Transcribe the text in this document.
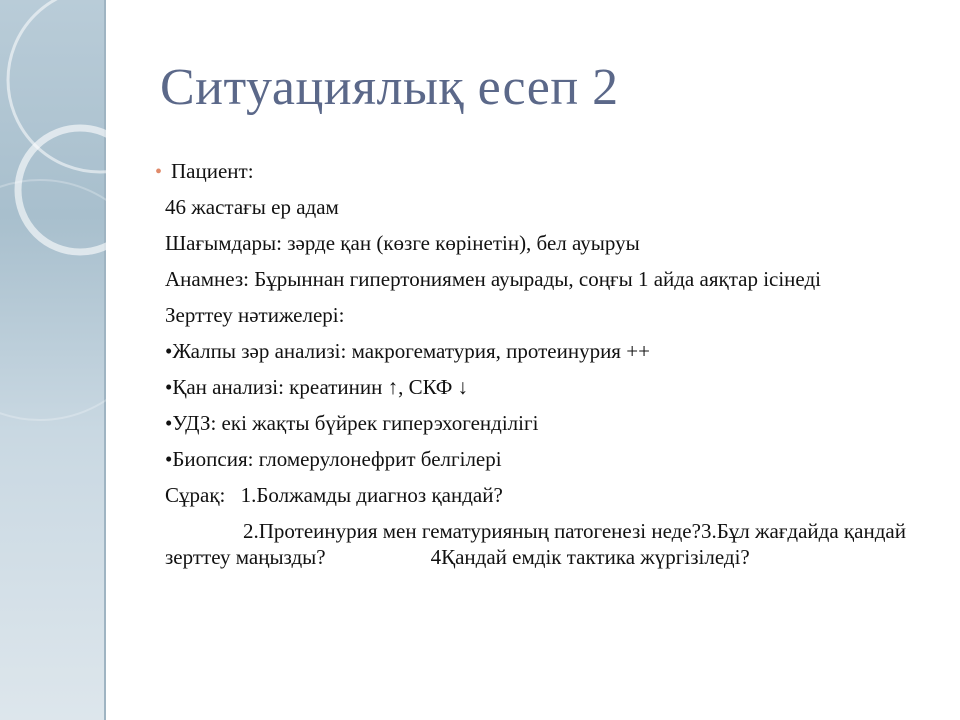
Ситуациялық есеп 2
• Пациент:
46 жастағы ер адам
Шағымдары: зәрде қан (көзге көрінетін), бел ауыруы
Анамнез: Бұрыннан гипертониямен ауырады, соңғы 1 айда аяқтар ісінеді
Зерттеу нәтижелері:
•Жалпы зәр анализі: макрогематурия, протеинурия ++
•Қан анализі: креатинин ↑, СКФ ↓
•УДЗ: екі жақты бүйрек гиперэхогенділігі
•Биопсия: гломерулонефрит белгілері
Сұрақ: 1.Болжамды диагноз қандай?
2.Протеинурия мен гематурияның патогенезі неде?3.Бұл жағдайда қандай зерттеу маңызды?	4Қандай емдік тактика жүргізіледі?
